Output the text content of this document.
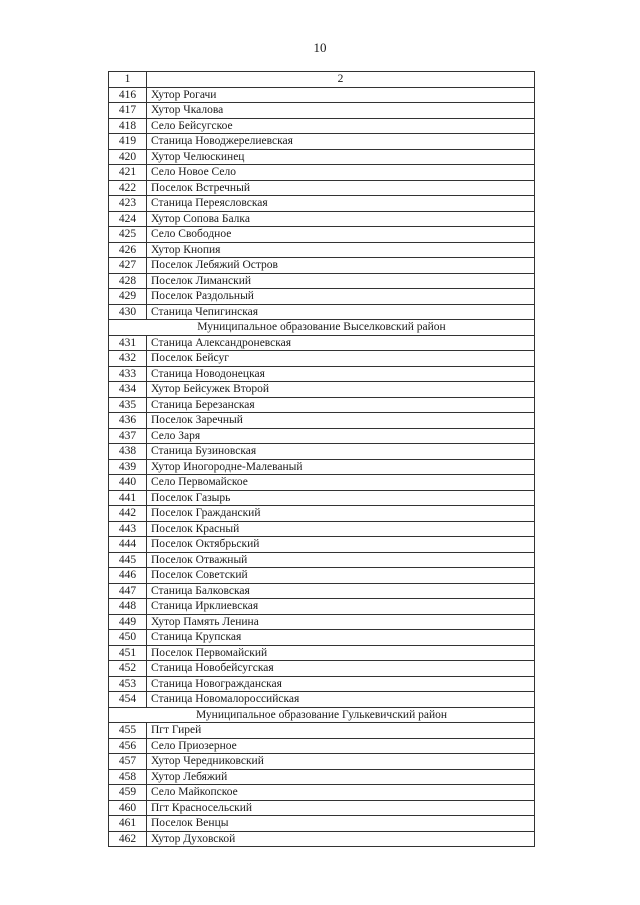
10
1	2
416	Хутор Рогачи
417	Хутор Чкалова
418	Село Бейсугское
419	Станица Новоджерелиевская
420	Хутор Челюскинец
421	Село Новое Село
422	Поселок Встречный
423	Станица Переясловская
424	Хутор Сопова Балка
425	Село Свободное
426	Хутор Кнопия
427	Поселок Лебяжий Остров
428	Поселок Лиманский
429	Поселок Раздольный
430	Станица Чепигинская
Муниципальное образование Выселковский район	
431	Станица Александроневская
432	Поселок Бейсуг
433	Станица Новодонецкая
434	Хутор Бейсужек Второй
435	Станица Березанская
436	Поселок Заречный
437	Село Заря
438	Станица Бузиновская
439	Хутор Иногородне-Малеваный
440	Село Первомайское
441	Поселок Газырь
442	Поселок Гражданский
443	Поселок Красный
444	Поселок Октябрьский
445	Поселок Отважный
446	Поселок Советский
447	Станица Балковская
448	Станица Ирклиевская
449	Хутор Память Ленина
450	Станица Крупская
451	Поселок Первомайский
452	Станица Новобейсугская
453	Станица Новогражданская
454	Станица Новомалороссийская
Муниципальное образование Гулькевичский район	
455	Пгт Гирей
456	Село Приозерное
457	Хутор Чередниковский
458	Хутор Лебяжий
459	Село Майкопское
460	Пгт Красносельский
461	Поселок Венцы
462	Хутор Духовской
